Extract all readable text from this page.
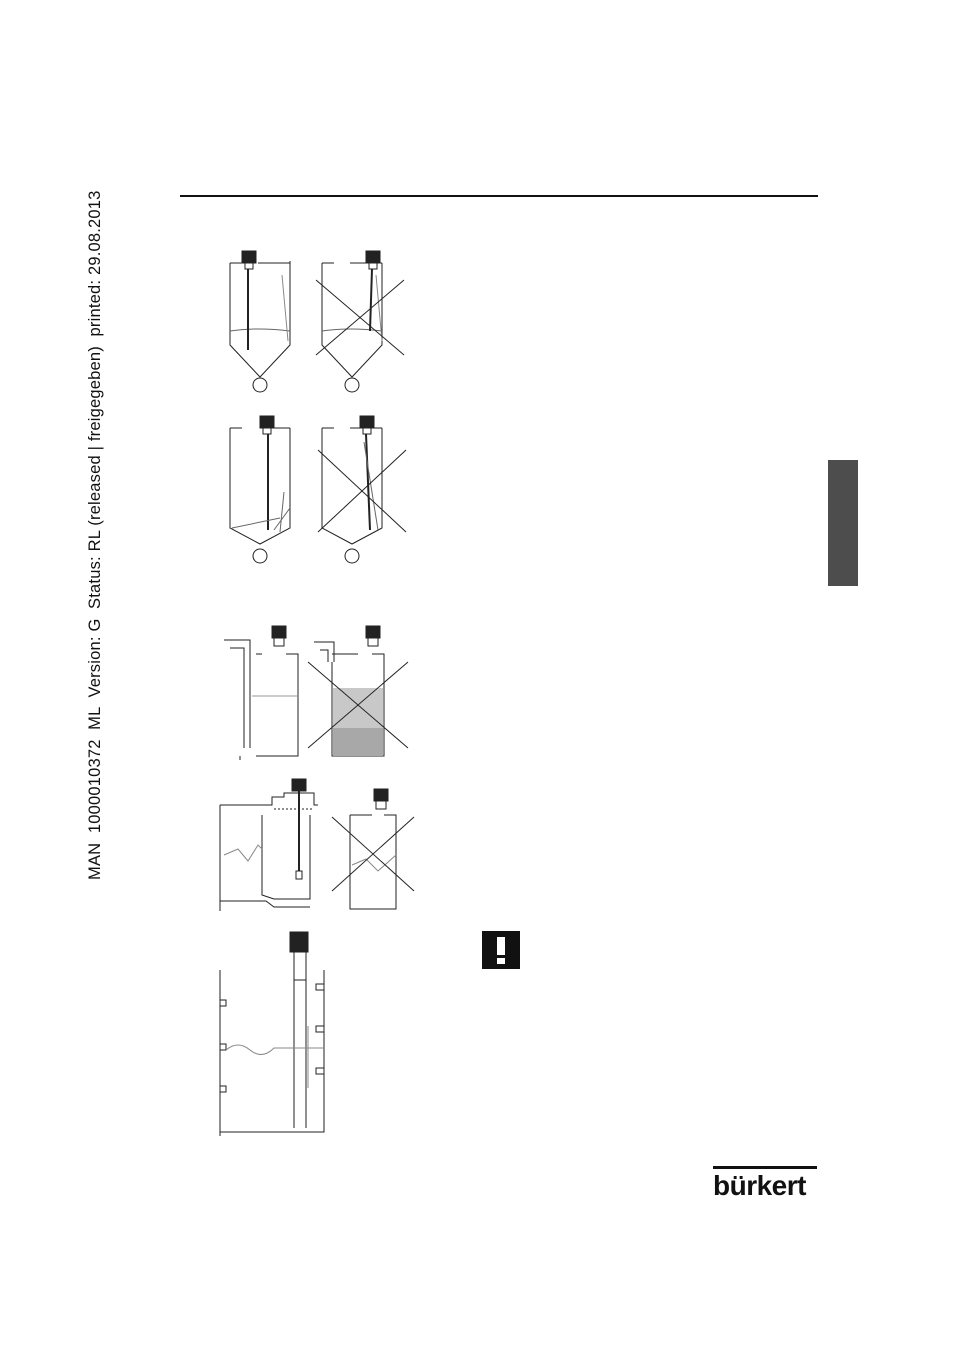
MAN  1000010372  ML  Version: G  Status: RL (released | freigegeben)  printed: 29.08.2013
bürkert
